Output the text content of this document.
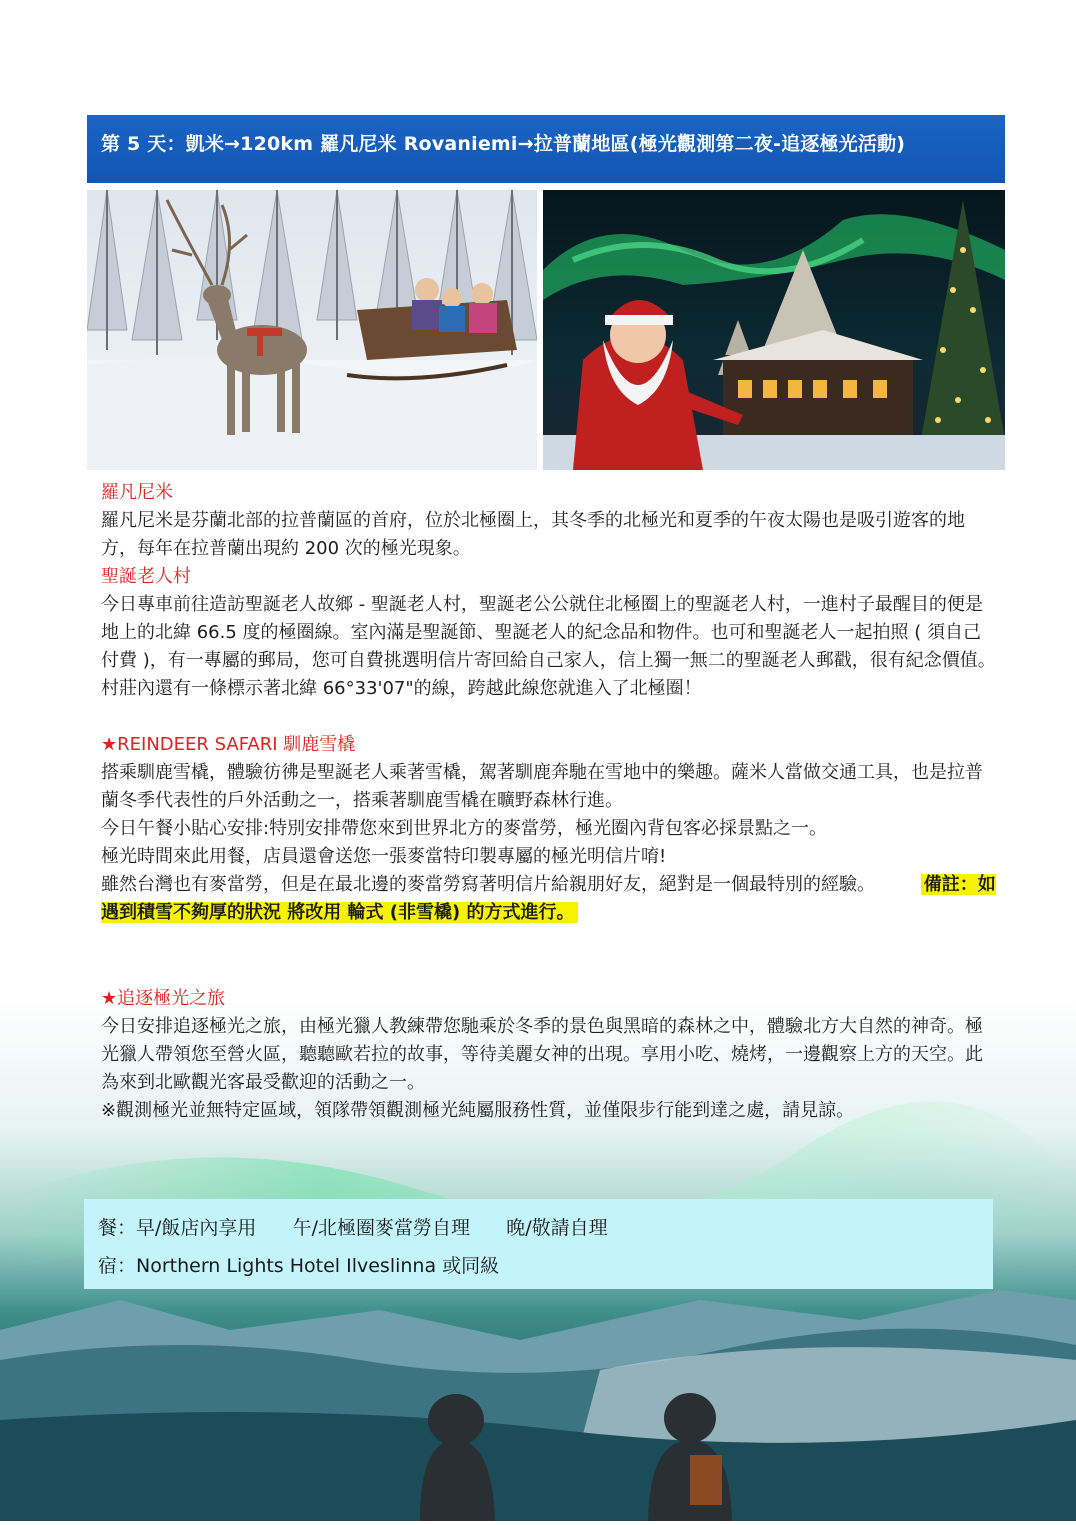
第 5 天：凱米→120km 羅凡尼米 Rovaniemi→拉普蘭地區(極光觀測第二夜-追逐極光活動)

羅凡尼米

羅凡尼米是芬蘭北部的拉普蘭區的首府，位於北極圈上，其冬季的北極光和夏季的午夜太陽也是吸引遊客的地方，每年在拉普蘭出現約 200 次的極光現象。

聖誕老人村

今日專車前往造訪聖誕老人故鄉 - 聖誕老人村，聖誕老公公就住北極圈上的聖誕老人村，一進村子最醒目的便是地上的北緯 66.5 度的極圈線。室內滿是聖誕節、聖誕老人的紀念品和物件。也可和聖誕老人一起拍照 ( 須自己付費 )，有一專屬的郵局，您可自費挑選明信片寄回給自己家人，信上獨一無二的聖誕老人郵戳，很有紀念價值。村莊內還有一條標示著北緯 66°33'07"的線，跨越此線您就進入了北極圈！

★REINDEER SAFARI 馴鹿雪橇

搭乘馴鹿雪橇，體驗彷彿是聖誕老人乘著雪橇，駕著馴鹿奔馳在雪地中的樂趣。薩米人當做交通工具，也是拉普蘭冬季代表性的戶外活動之一，搭乘著馴鹿雪橇在曠野森林行進。

今日午餐小貼心安排:特別安排帶您來到世界北方的麥當勞，極光圈內背包客必採景點之一。

極光時間來此用餐，店員還會送您一張麥當特印製專屬的極光明信片唷!

雖然台灣也有麥當勞，但是在最北邊的麥當勞寫著明信片給親朋好友，絕對是一個最特別的經驗。	備註：如遇到積雪不夠厚的狀況 將改用 輪式 (非雪橇) 的方式進行。

★追逐極光之旅

今日安排追逐極光之旅，由極光獵人教練帶您馳乘於冬季的景色與黑暗的森林之中，體驗北方大自然的神奇。極光獵人帶領您至營火區，聽聽歐若拉的故事，等待美麗女神的出現。享用小吃、燒烤，一邊觀察上方的天空。此為來到北歐觀光客最受歡迎的活動之一。

※觀測極光並無特定區域，領隊帶領觀測極光純屬服務性質，並僅限步行能到達之處，請見諒。

餐：早/飯店內享用      午/北極圈麥當勞自理      晚/敬請自理
宿：Northern Lights Hotel Ilveslinna 或同級
